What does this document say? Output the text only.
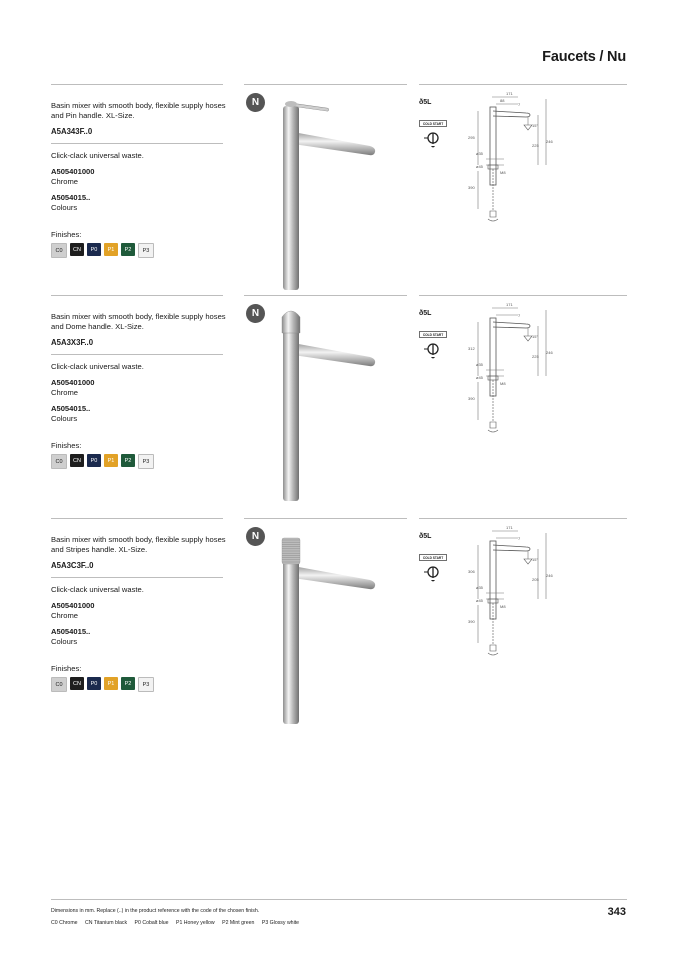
Faucets / Nu
Basin mixer with smooth body, flexible supply hoses and Pin handle. XL-Size.
A5A343F..0
Click-clack universal waste.
A505401000
Chrome
A5054015..
Colours
Finishes:
C0	CN	P0	P1	P2	P3
N	ð5L
COLD START
171
88
7
15°
295
225
246
ø35
ø45
M8
390
Basin mixer with smooth body, flexible supply hoses and Dome handle. XL-Size.
A5A3X3F..0
Click-clack universal waste.
A505401000
Chrome
A5054015..
Colours
Finishes:
C0	CN	P0	P1	P2	P3
N	ð5L
COLD START
171
7
15°
312
225
246
ø35
ø45
M8
390
Basin mixer with smooth body, flexible supply hoses and Stripes handle. XL-Size.
A5A3C3F..0
Click-clack universal waste.
A505401000
Chrome
A5054015..
Colours
Finishes:
C0	CN	P0	P1	P2	P3
N	ð5L
COLD START
171
7
15°
306
205
246
ø35
ø45
M8
390
Dimensions in mm. Replace (..) in the product reference with the code of the chosen finish.
C0 Chrome CN Titanium black P0 Cobalt blue P1 Honey yellow P2 Mint green P3 Glossy white
343
